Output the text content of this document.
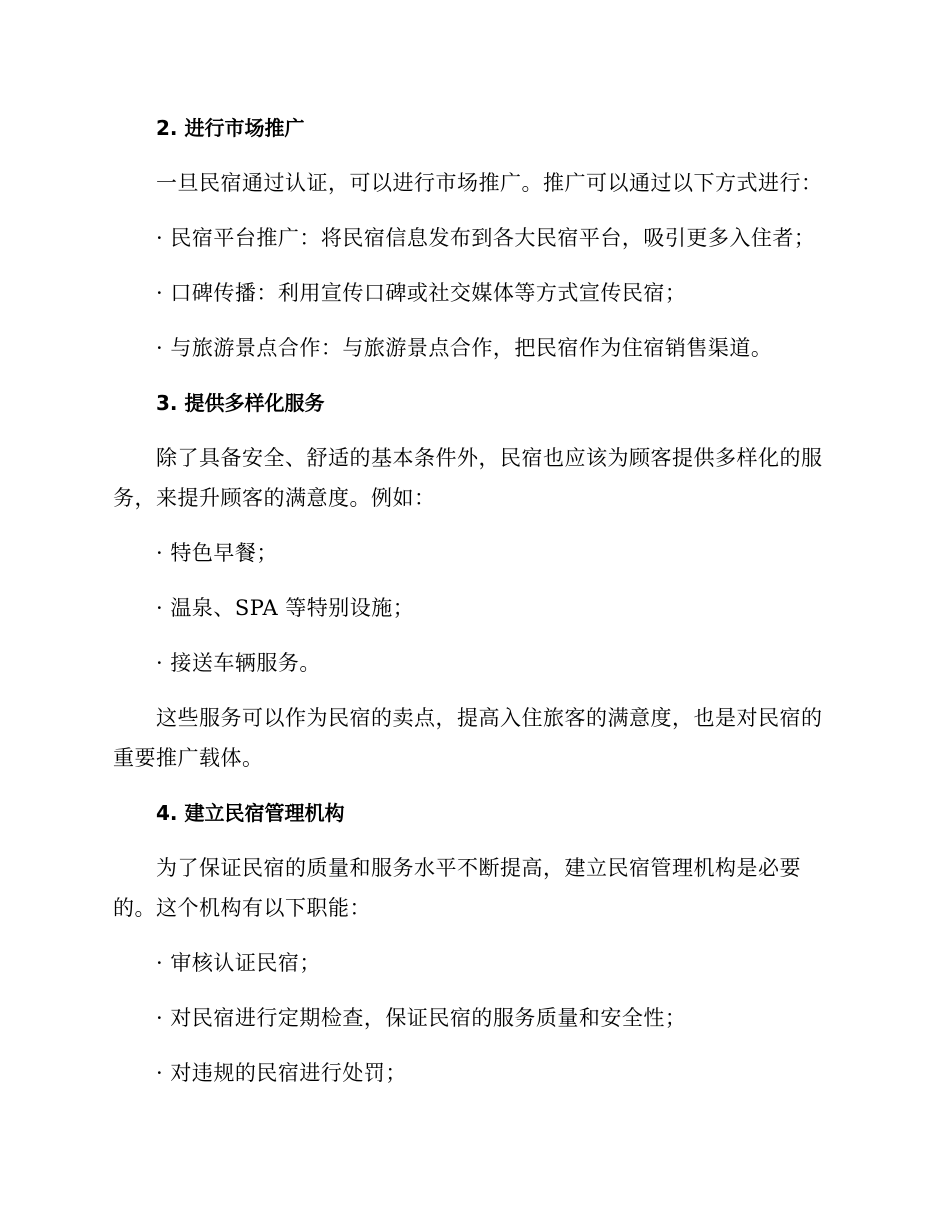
2. 进行市场推广
一旦民宿通过认证，可以进行市场推广。推广可以通过以下方式进行：
· 民宿平台推广：将民宿信息发布到各大民宿平台，吸引更多入住者；
· 口碑传播：利用宣传口碑或社交媒体等方式宣传民宿；
· 与旅游景点合作：与旅游景点合作，把民宿作为住宿销售渠道。
3. 提供多样化服务
除了具备安全、舒适的基本条件外，民宿也应该为顾客提供多样化的服务，来提升顾客的满意度。例如：
· 特色早餐；
· 温泉、SPA 等特别设施；
· 接送车辆服务。
这些服务可以作为民宿的卖点，提高入住旅客的满意度，也是对民宿的重要推广载体。
4. 建立民宿管理机构
为了保证民宿的质量和服务水平不断提高，建立民宿管理机构是必要的。这个机构有以下职能：
· 审核认证民宿；
· 对民宿进行定期检查，保证民宿的服务质量和安全性；
· 对违规的民宿进行处罚；
